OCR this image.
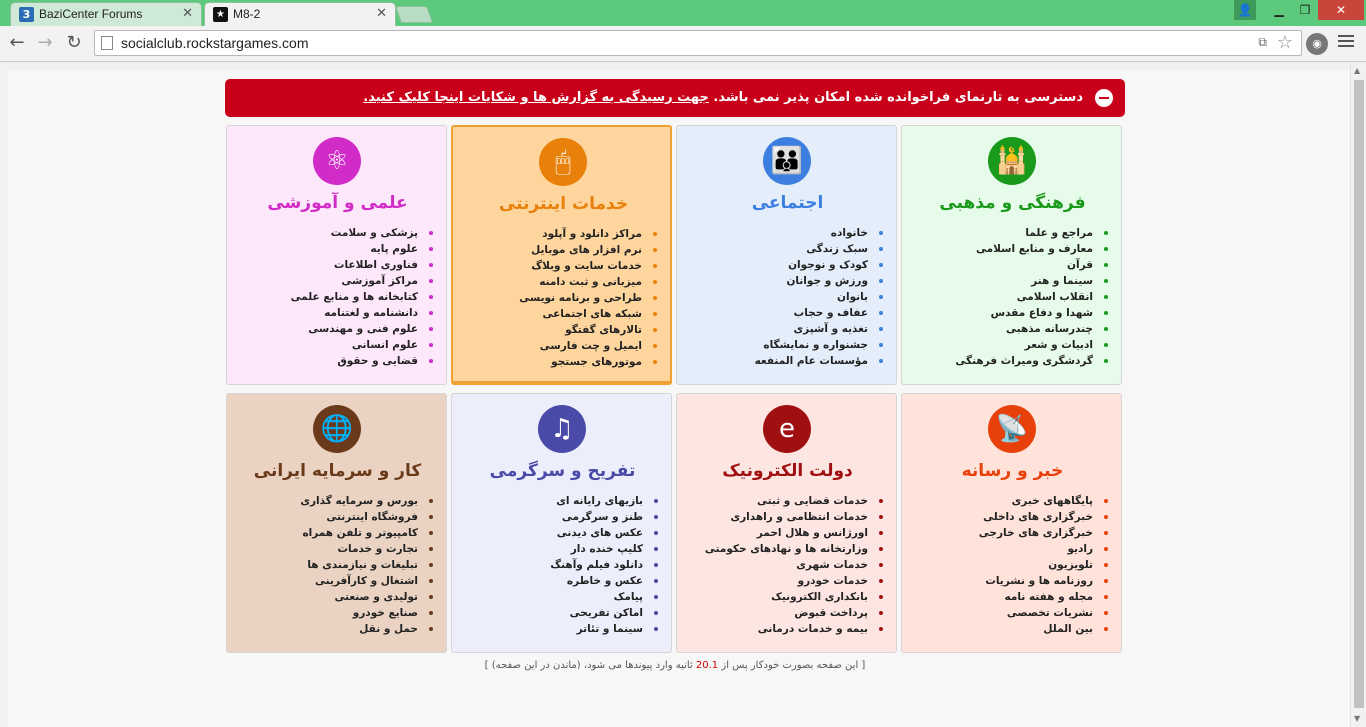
3 BaziCenter Forums	✕	★ M8-2	✕	👤	▁	❐	✕
← → ↻	socialclub.rockstargames.com	⧉ ☆	◉
دسترسی به تارنمای فراخوانده شده امکان پذیر نمی باشد. جهت رسیدگی به گزارش ها و شکایات اینجا کلیک کنید.
🕌
فرهنگی و مذهبی
مراجع و علما
معارف و منابع اسلامی
قرآن
سینما و هنر
انقلاب اسلامی
شهدا و دفاع مقدس
چندرسانه مذهبی
ادبیات و شعر
گردشگری ومیراث فرهنگی
👪
اجتماعی
خانواده
سبک زندگی
کودک و نوجوان
ورزش و جوانان
بانوان
عفاف و حجاب
تغذیه و آشپزی
جشنواره و نمایشگاه
مؤسسات عام المنفعه
🖱
خدمات اینترنتی
مراکز دانلود و آپلود
نرم افزار های موبایل
خدمات سایت و وبلاگ
میزبانی و ثبت دامنه
طراحی و برنامه نویسی
شبکه های اجتماعی
تالارهای گفتگو
ایمیل و چت فارسی
موتورهای جستجو
⚛
علمی و آموزشی
پزشکی و سلامت
علوم پایه
فناوری اطلاعات
مراکز آموزشی
کتابخانه ها و منابع علمی
دانشنامه و لغتنامه
علوم فنی و مهندسی
علوم انسانی
قضایی و حقوق
📡
خبر و رسانه
پایگاههای خبری
خبرگزاری های داخلی
خبرگزاری های خارجی
رادیو
تلویزیون
روزنامه ها و نشریات
مجله و هفته نامه
نشریات تخصصی
بین الملل
e
دولت الکترونیک
خدمات قضایی و ثبتی
خدمات انتظامی و راهداری
اورژانس و هلال احمر
وزارتخانه ها و نهادهای حکومتی
خدمات شهری
خدمات خودرو
بانکداری الکترونیک
پرداخت قبوض
بیمه و خدمات درمانی
♫
تفریح و سرگرمی
بازیهای رایانه ای
طنز و سرگرمی
عکس های دیدنی
کلیپ خنده دار
دانلود فیلم وآهنگ
عکس و خاطره
پیامک
اماکن تفریحی
سینما و تئاتر
🌐
کار و سرمایه ایرانی
بورس و سرمایه گذاری
فروشگاه اینترنتی
کامپیوتر و تلفن همراه
تجارت و خدمات
تبلیغات و نیازمندی ها
اشتغال و کارآفرینی
تولیدی و صنعتی
صنایع خودرو
حمل و نقل
[ این صفحه بصورت خودکار پس از 20.1 ثانیه وارد پیوندها می شود، (ماندن در این صفحه) ]
▲
▼
